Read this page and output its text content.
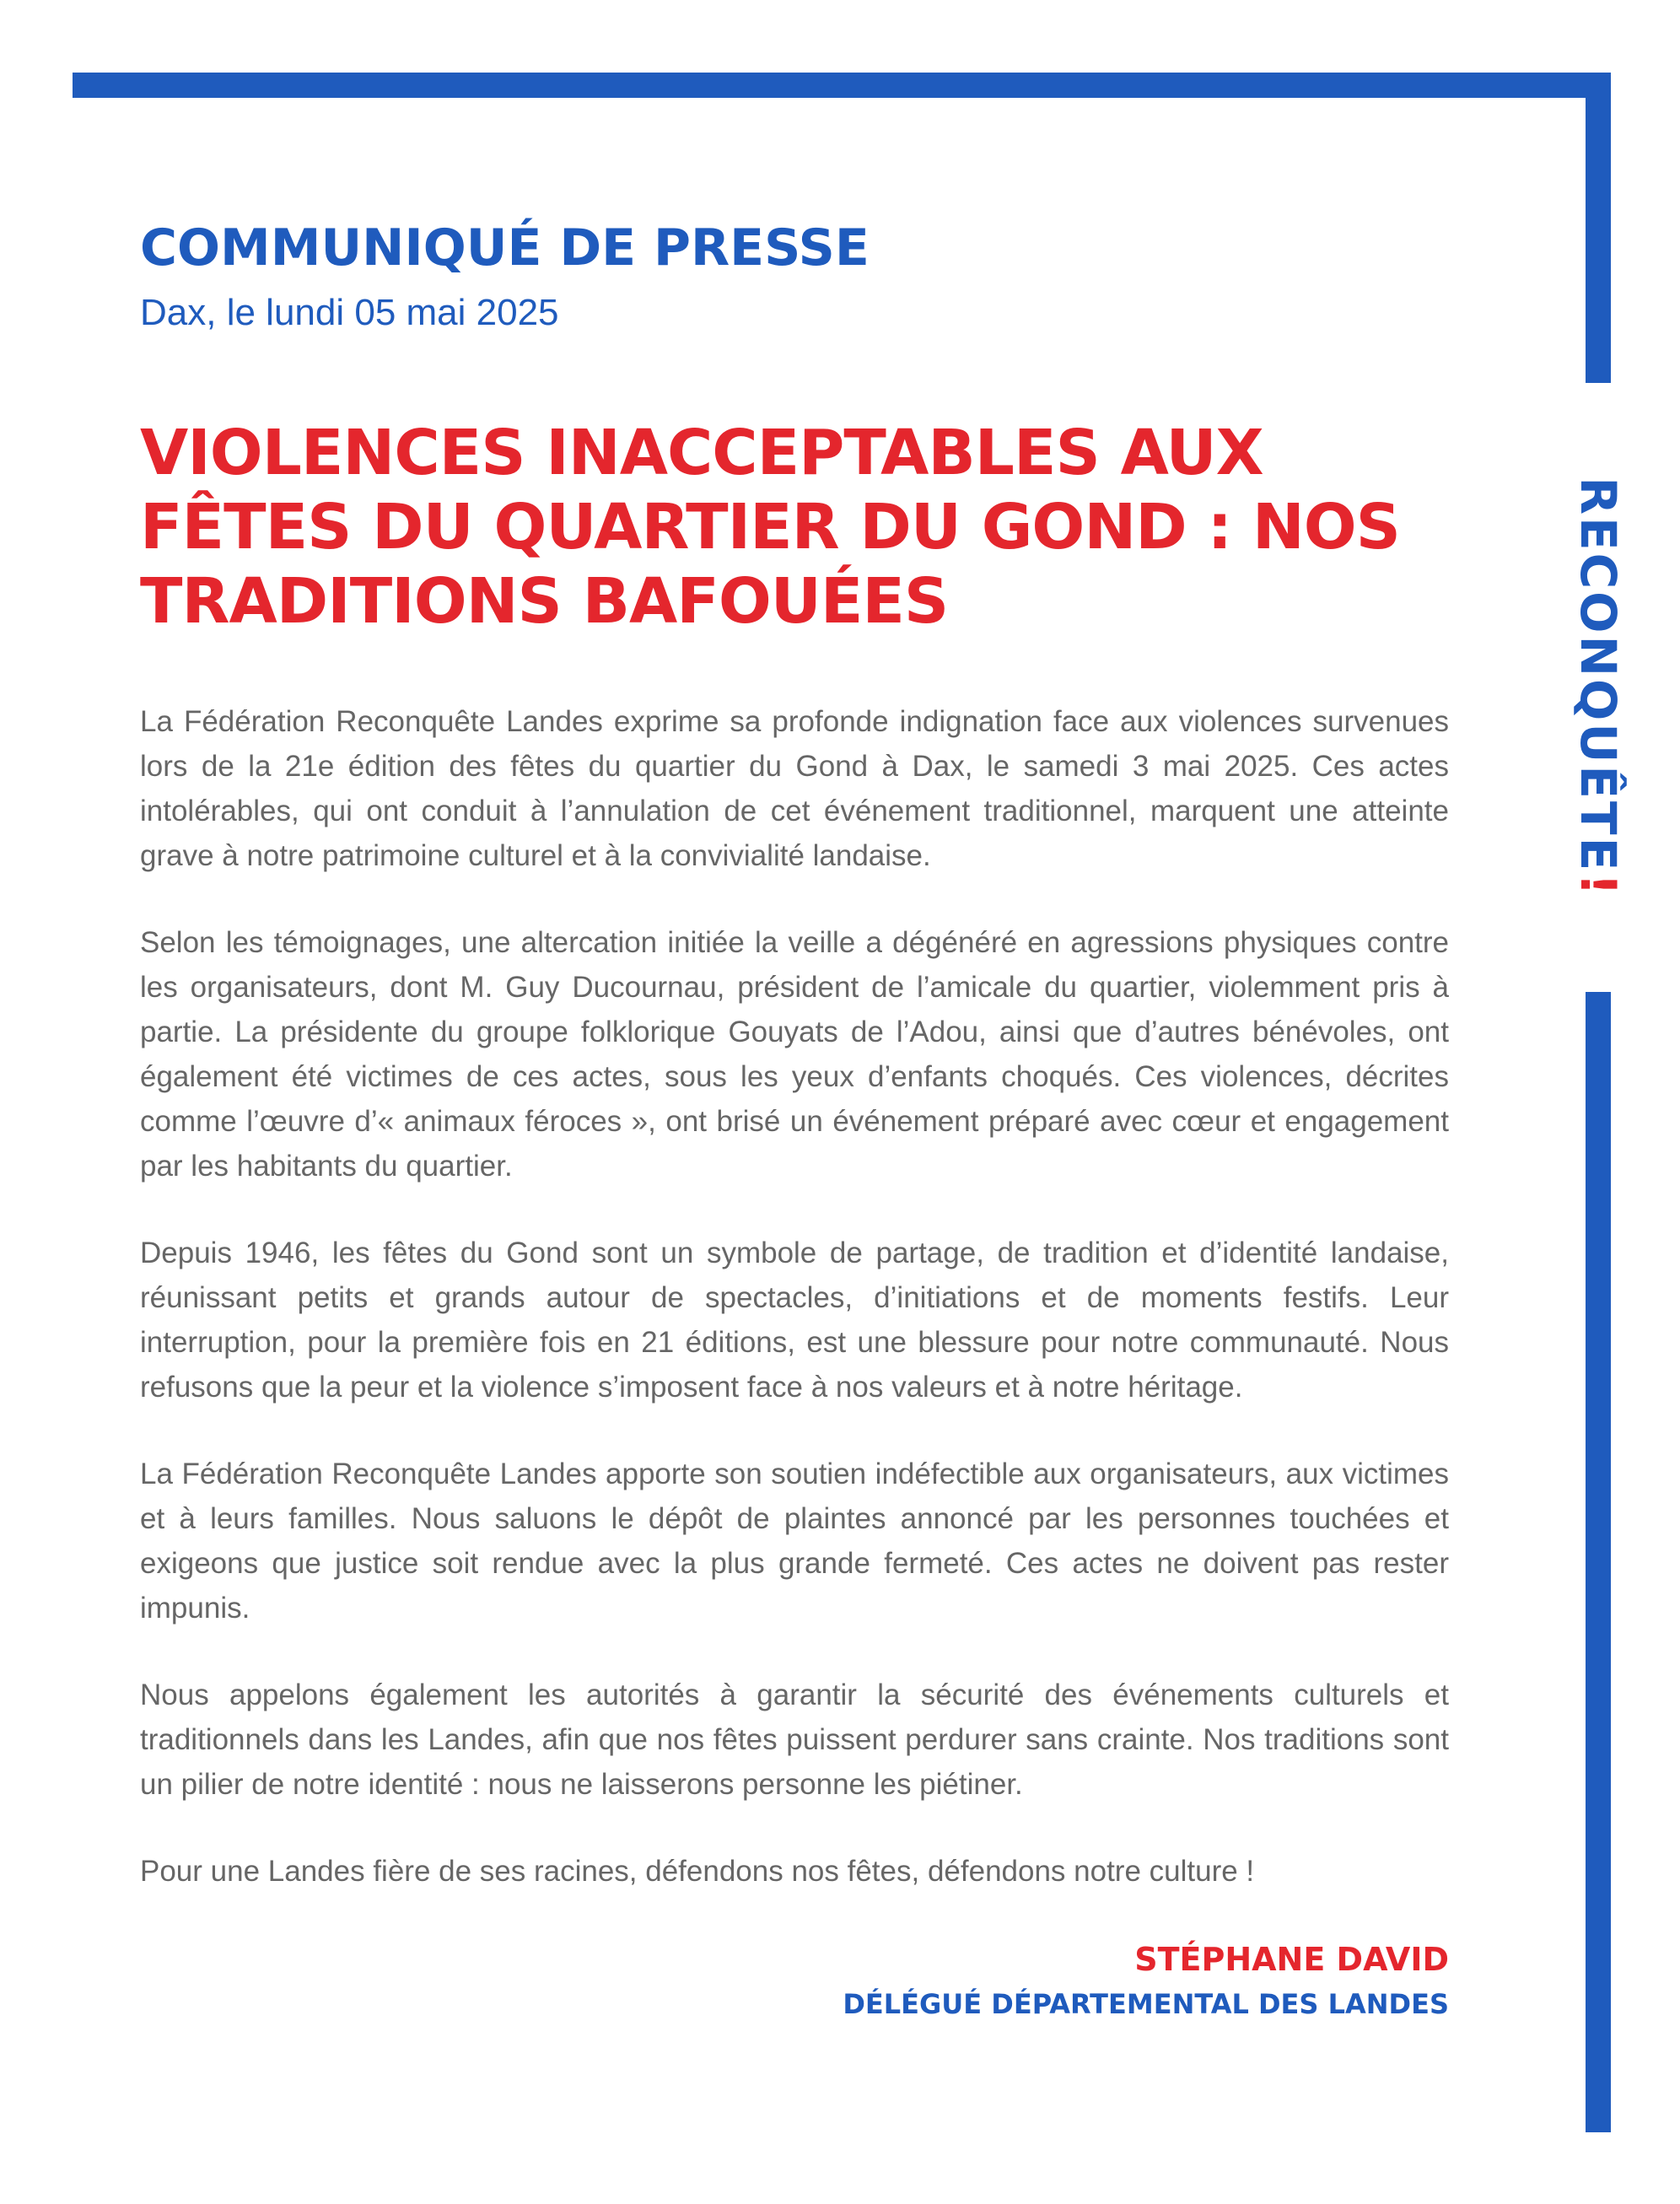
RECONQUÊTE!
COMMUNIQUÉ DE PRESSE

Dax, le lundi 05 mai 2025

VIOLENCES INACCEPTABLES AUX FÊTES DU QUARTIER DU GOND : NOS TRADITIONS BAFOUÉES

La Fédération Reconquête Landes exprime sa profonde indignation face aux violences survenues lors de la 21e édition des fêtes du quartier du Gond à Dax, le samedi 3 mai 2025. Ces actes intolérables, qui ont conduit à l’annulation de cet événement traditionnel, marquent une atteinte grave à notre patrimoine culturel et à la convivialité landaise.

Selon les témoignages, une altercation initiée la veille a dégénéré en agressions physiques contre les organisateurs, dont M. Guy Ducournau, président de l’amicale du quartier, violemment pris à partie. La présidente du groupe folklorique Gouyats de l’Adou, ainsi que d’autres bénévoles, ont également été victimes de ces actes, sous les yeux d’enfants choqués. Ces violences, décrites comme l’œuvre d’« animaux féroces », ont brisé un événement préparé avec cœur et engagement par les habitants du quartier.

Depuis 1946, les fêtes du Gond sont un symbole de partage, de tradition et d’identité landaise, réunissant petits et grands autour de spectacles, d’initiations et de moments festifs. Leur interruption, pour la première fois en 21 éditions, est une blessure pour notre communauté. Nous refusons que la peur et la violence s’imposent face à nos valeurs et à notre héritage.

La Fédération Reconquête Landes apporte son soutien indéfectible aux organisateurs, aux victimes et à leurs familles. Nous saluons le dépôt de plaintes annoncé par les personnes touchées et exigeons que justice soit rendue avec la plus grande fermeté. Ces actes ne doivent pas rester impunis.

Nous appelons également les autorités à garantir la sécurité des événements culturels et traditionnels dans les Landes, afin que nos fêtes puissent perdurer sans crainte. Nos traditions sont un pilier de notre identité : nous ne laisserons personne les piétiner.

Pour une Landes fière de ses racines, défendons nos fêtes, défendons notre culture !

STÉPHANE DAVID
DÉLÉGUÉ DÉPARTEMENTAL DES LANDES
